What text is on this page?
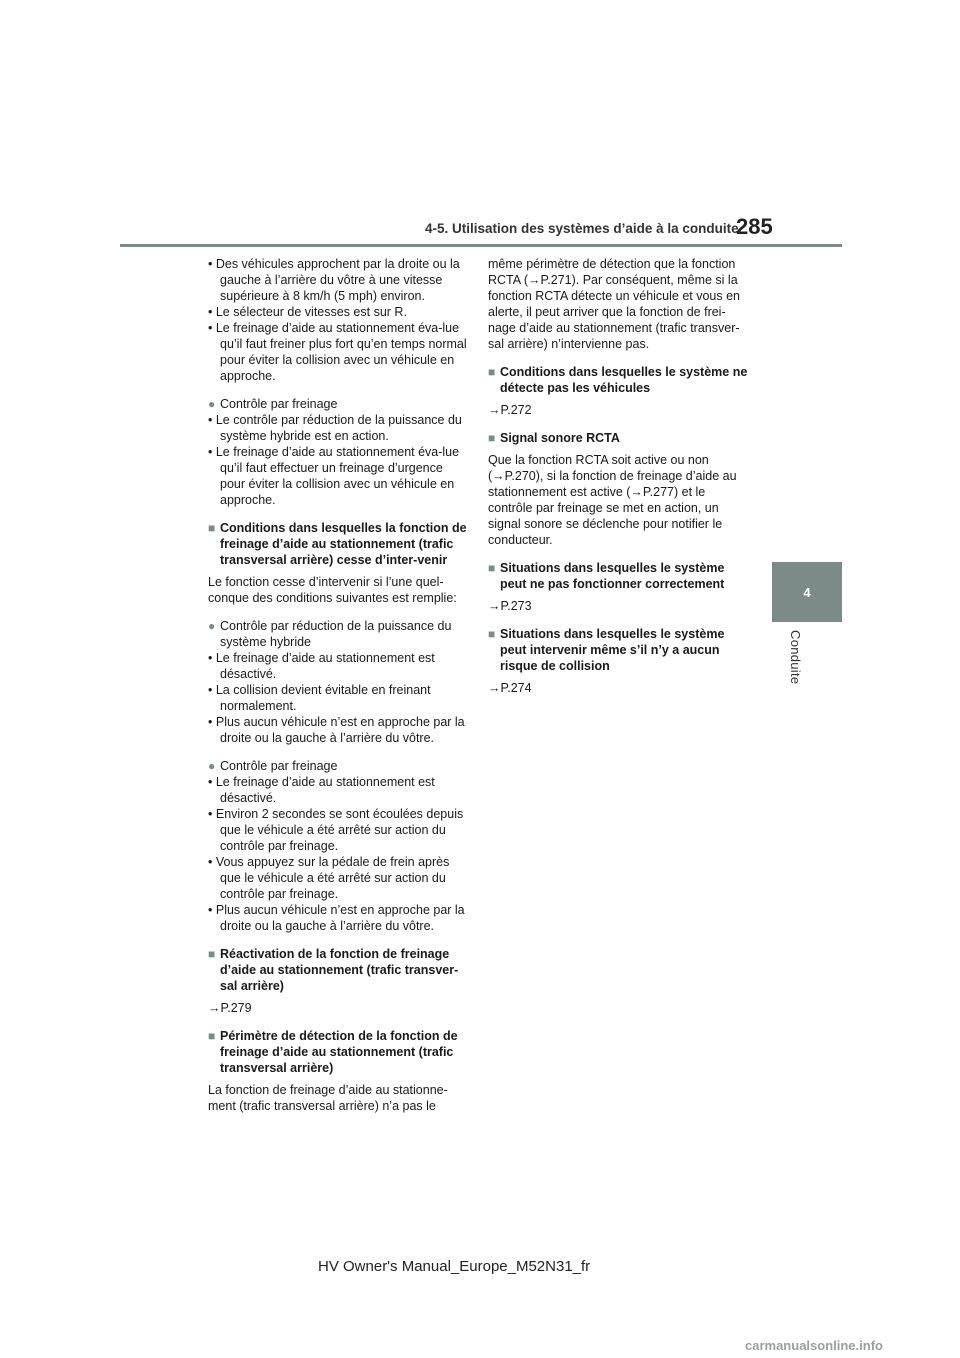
4-5. Utilisation des systèmes d’aide à la conduite
285
4
Conduite

• Des véhicules approchent par la droite ou la gauche à l’arrière du vôtre à une vitesse supérieure à 8 km/h (5 mph) environ.

• Le sélecteur de vitesses est sur R.

• Le freinage d’aide au stationnement éva-lue qu’il faut freiner plus fort qu’en temps normal pour éviter la collision avec un véhicule en approche.

● Contrôle par freinage

• Le contrôle par réduction de la puissance du système hybride est en action.

• Le freinage d’aide au stationnement éva-lue qu’il faut effectuer un freinage d’urgence pour éviter la collision avec un véhicule en approche.

■ Conditions dans lesquelles la fonction de freinage d’aide au stationnement (trafic transversal arrière) cesse d’inter-venir

Le fonction cesse d’intervenir si l’une quel-conque des conditions suivantes est remplie:

● Contrôle par réduction de la puissance du système hybride

• Le freinage d’aide au stationnement est désactivé.

• La collision devient évitable en freinant normalement.

• Plus aucun véhicule n’est en approche par la droite ou la gauche à l’arrière du vôtre.

● Contrôle par freinage

• Le freinage d’aide au stationnement est désactivé.

• Environ 2 secondes se sont écoulées depuis que le véhicule a été arrêté sur action du contrôle par freinage.

• Vous appuyez sur la pédale de frein après que le véhicule a été arrêté sur action du contrôle par freinage.

• Plus aucun véhicule n’est en approche par la droite ou la gauche à l’arrière du vôtre.

■ Réactivation de la fonction de freinage d’aide au stationnement (trafic transver-sal arrière)

→P.279

■ Périmètre de détection de la fonction de freinage d’aide au stationnement (trafic transversal arrière)

La fonction de freinage d’aide au stationne-ment (trafic transversal arrière) n’a pas le

même périmètre de détection que la fonction RCTA (→P.271). Par conséquent, même si la fonction RCTA détecte un véhicule et vous en alerte, il peut arriver que la fonction de frei-nage d’aide au stationnement (trafic transver-sal arrière) n’intervienne pas.

■ Conditions dans lesquelles le système ne détecte pas les véhicules

→P.272

■ Signal sonore RCTA

Que la fonction RCTA soit active ou non (→P.270), si la fonction de freinage d’aide au stationnement est active (→P.277) et le contrôle par freinage se met en action, un signal sonore se déclenche pour notifier le conducteur.

■ Situations dans lesquelles le système peut ne pas fonctionner correctement

→P.273

■ Situations dans lesquelles le système peut intervenir même s’il n’y a aucun risque de collision

→P.274

HV Owner's Manual_Europe_M52N31_fr
carmanualsonline.info
